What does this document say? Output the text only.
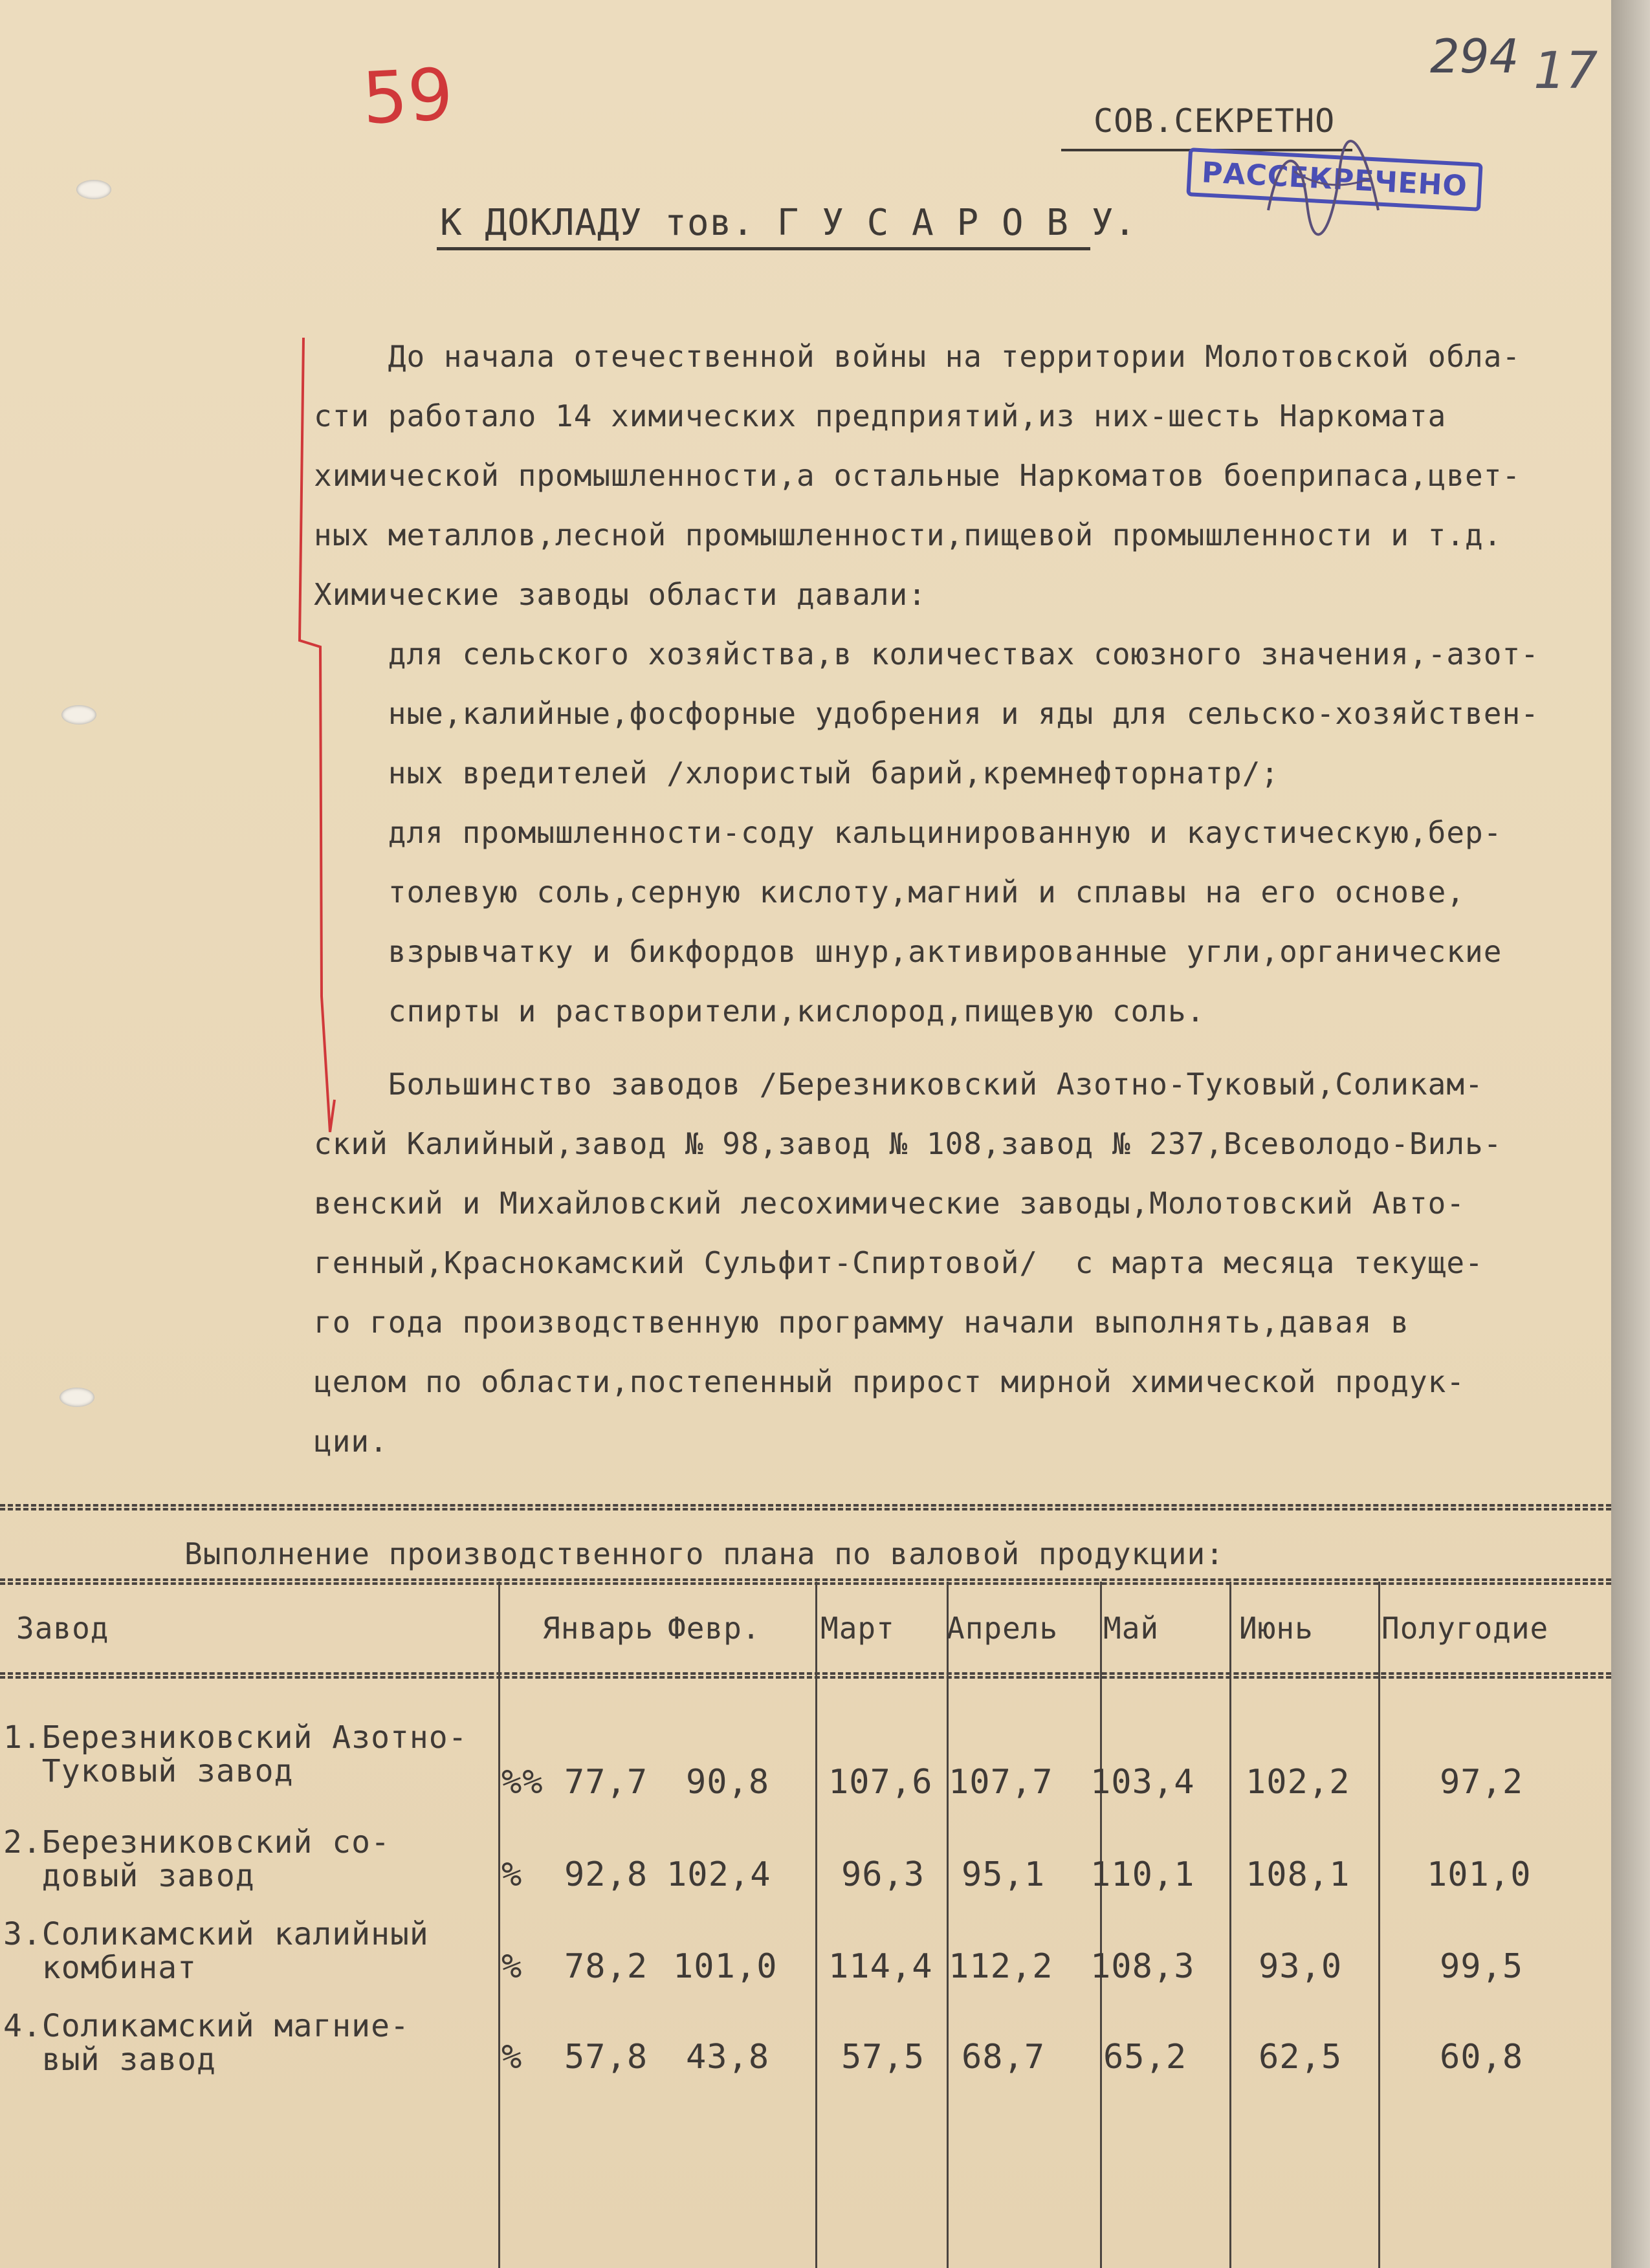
59	294 17
СОВ.СЕКРЕТНО
РАССЕКРЕЧЕНО
К ДОКЛАДУ тов. Г У С А Р О В У.
До начала отечественной войны на территории Молотовской обла-
сти работало 14 химических предприятий,из них-шесть Наркомата
химической промышленности,а остальные Наркоматов боеприпаса,цвет-
ных металлов,лесной промышленности,пищевой промышленности и т.д.
Химические заводы области давали:
для сельского хозяйства,в количествах союзного значения,-азот-
ные,калийные,фосфорные удобрения и яды для сельско-хозяйствен-
ных вредителей /хлористый барий,кремнефторнатр/;
для промышленности-соду кальцинированную и каустическую,бер-
толевую соль,серную кислоту,магний и сплавы на его основе,
взрывчатку и бикфордов шнур,активированные угли,органические
спирты и растворители,кислород,пищевую соль.
Большинство заводов /Березниковский Азотно-Туковый,Соликам-
ский Калийный,завод № 98,завод № 108,завод № 237,Всеволодо-Виль-
венский и Михайловский лесохимические заводы,Молотовский Авто-
генный,Краснокамский Сульфит-Спиртовой/  с марта месяца текуще-
го года производственную программу начали выполнять,давая в
целом по области,постепенный прирост мирной химической продук-
ции.
Выполнение производственного плана по валовой продукции:
Завод	Январь Февр. Март Апрель Май	Июнь Полугодие
1.Березниковский Азотно-
Туковый завод	%% 77,7 90,8 107,6 107,7 103,4 102,2	97,2
2.Березниковский со-
довый завод	% 92,8 102,4 96,3 95,1 110,1 108,1 101,0
3.Соликамский калийный
комбинат	% 78,2 101,0 114,4 112,2 108,3 93,0	99,5
4.Соликамский магние-
вый завод	% 57,8 43,8 57,5 68,7 65,2 62,5	60,8
